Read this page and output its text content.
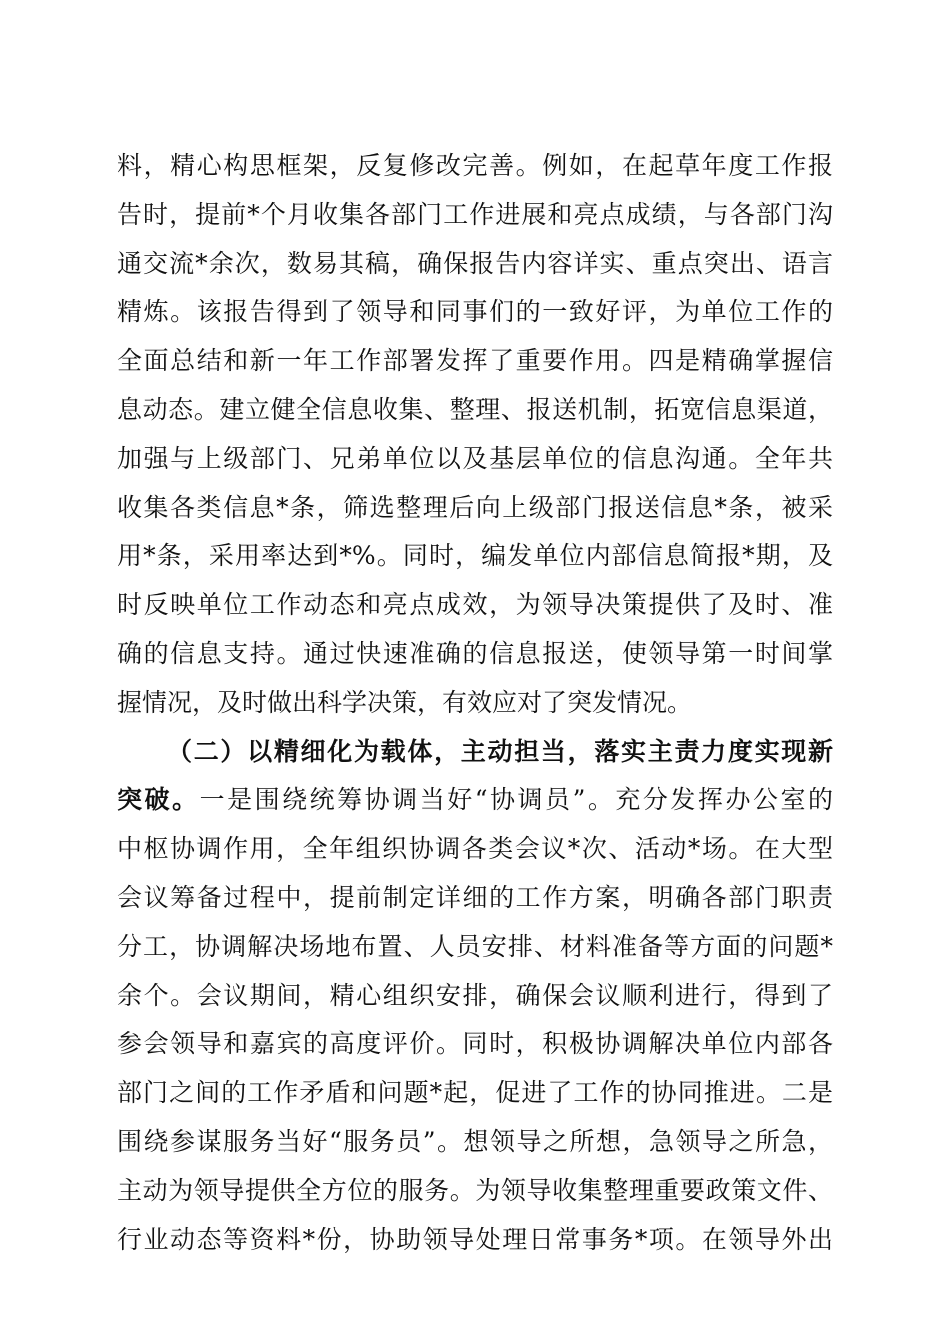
料，精心构思框架，反复修改完善。例如，在起草年度工作报
告时，提前*个月收集各部门工作进展和亮点成绩，与各部门沟
通交流*余次，数易其稿，确保报告内容详实、重点突出、语言
精炼。该报告得到了领导和同事们的一致好评，为单位工作的
全面总结和新一年工作部署发挥了重要作用。四是精确掌握信
息动态。建立健全信息收集、整理、报送机制，拓宽信息渠道，
加强与上级部门、兄弟单位以及基层单位的信息沟通。全年共
收集各类信息*条，筛选整理后向上级部门报送信息*条，被采
用*条，采用率达到*%。同时，编发单位内部信息简报*期，及
时反映单位工作动态和亮点成效，为领导决策提供了及时、准
确的信息支持。通过快速准确的信息报送，使领导第一时间掌
握情况，及时做出科学决策，有效应对了突发情况。
（二）以精细化为载体，主动担当，落实主责力度实现新
突破。一是围绕统筹协调当好“协调员”。充分发挥办公室的
中枢协调作用，全年组织协调各类会议*次、活动*场。在大型
会议筹备过程中，提前制定详细的工作方案，明确各部门职责
分工，协调解决场地布置、人员安排、材料准备等方面的问题*
余个。会议期间，精心组织安排，确保会议顺利进行，得到了
参会领导和嘉宾的高度评价。同时，积极协调解决单位内部各
部门之间的工作矛盾和问题*起，促进了工作的协同推进。二是
围绕参谋服务当好“服务员”。想领导之所想，急领导之所急，
主动为领导提供全方位的服务。为领导收集整理重要政策文件、
行业动态等资料*份，协助领导处理日常事务*项。在领导外出
